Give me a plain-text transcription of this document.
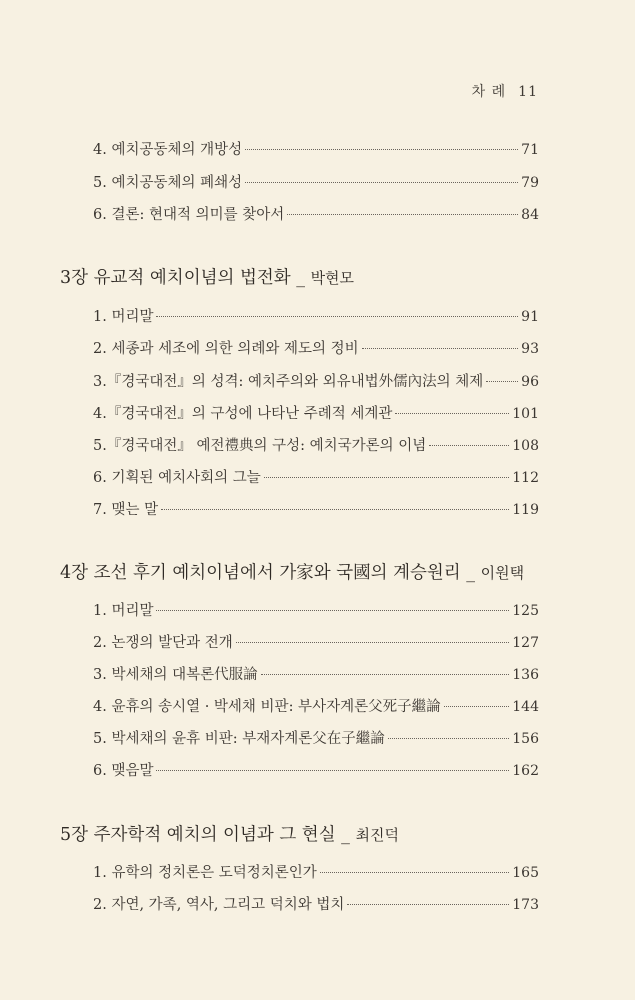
차 례 11
4. 예치공동체의 개방성	71
5. 예치공동체의 폐쇄성	79
6. 결론: 현대적 의미를 찾아서	84
3장 유교적 예치이념의 법전화 _ 박현모
1. 머리말	91
2. 세종과 세조에 의한 의례와 제도의 정비	93
3.『경국대전』의 성격: 예치주의와 외유내법外儒內法의 체제	96
4.『경국대전』의 구성에 나타난 주례적 세계관	101
5.『경국대전』 예전禮典의 구성: 예치국가론의 이념	108
6. 기획된 예치사회의 그늘	112
7. 맺는 말	119
4장 조선 후기 예치이념에서 가家와 국國의 계승원리 _ 이원택
1. 머리말	125
2. 논쟁의 발단과 전개	127
3. 박세채의 대복론代服論	136
4. 윤휴의 송시열 · 박세채 비판: 부사자계론父死子繼論	144
5. 박세채의 윤휴 비판: 부재자계론父在子繼論	156
6. 맺음말	162
5장 주자학적 예치의 이념과 그 현실 _ 최진덕
1. 유학의 정치론은 도덕정치론인가	165
2. 자연, 가족, 역사, 그리고 덕치와 법치	173
